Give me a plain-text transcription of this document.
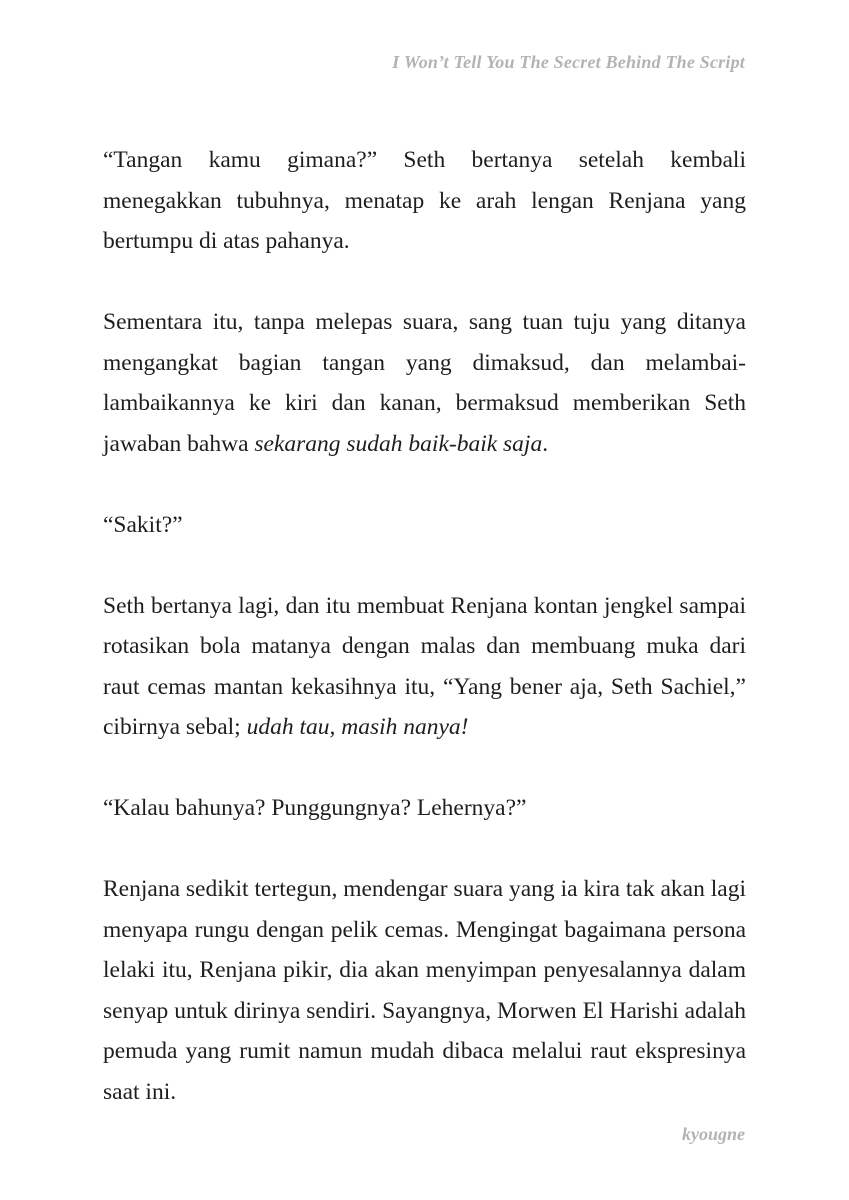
I Won’t Tell You The Secret Behind The Script

“Tangan kamu gimana?” Seth bertanya setelah kembali menegakkan tubuhnya, menatap ke arah lengan Renjana yang bertumpu di atas pahanya.

Sementara itu, tanpa melepas suara, sang tuan tuju yang ditanya mengangkat bagian tangan yang dimaksud, dan melambai-lambaikannya ke kiri dan kanan, bermaksud memberikan Seth jawaban bahwa sekarang sudah baik-baik saja.

“Sakit?”

Seth bertanya lagi, dan itu membuat Renjana kontan jengkel sampai rotasikan bola matanya dengan malas dan membuang muka dari raut cemas mantan kekasihnya itu, “Yang bener aja, Seth Sachiel,” cibirnya sebal; udah tau, masih nanya!

“Kalau bahunya? Punggungnya? Lehernya?”

Renjana sedikit tertegun, mendengar suara yang ia kira tak akan lagi menyapa rungu dengan pelik cemas. Mengingat bagaimana persona lelaki itu, Renjana pikir, dia akan menyimpan penyesalannya dalam senyap untuk dirinya sendiri. Sayangnya, Morwen El Harishi adalah pemuda yang rumit namun mudah dibaca melalui raut ekspresinya saat ini.

kyougne
